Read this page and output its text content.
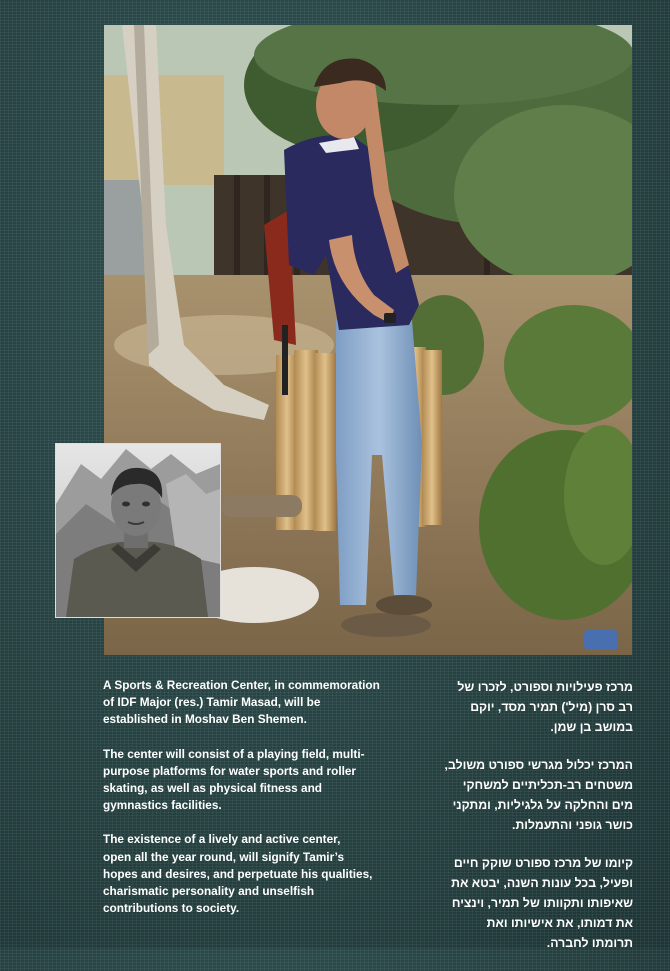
A Sports & Recreation Center, in commemoration
of IDF Major (res.) Tamir Masad, will be
established in Moshav Ben Shemen.

The center will consist of a playing field, multi-
purpose platforms for water sports and roller
skating, as well as physical fitness and
gymnastics facilities.

The existence of a lively and active center,
open all the year round, will signify Tamir’s
hopes and desires, and perpetuate his qualities,
charismatic personality and unselfish
contributions to society.

מרכז פעילויות וספורט, לזכרו של
רב סרן (מיל') תמיר מסד, יוקם
במושב בן שמן.

המרכז יכלול מגרשי ספורט משולב,
משטחים רב-תכליתיים למשחקי
מים והחלקה על גלגיליות, ומתקני
כושר גופני והתעמלות.

קיומו של מרכז ספורט שוקק חיים
ופעיל, בכל עונות השנה, יבטא את
שאיפותו ותקוותו של תמיר, וינציח
את דמותו, את אישיותו ואת
תרומתו לחברה.
